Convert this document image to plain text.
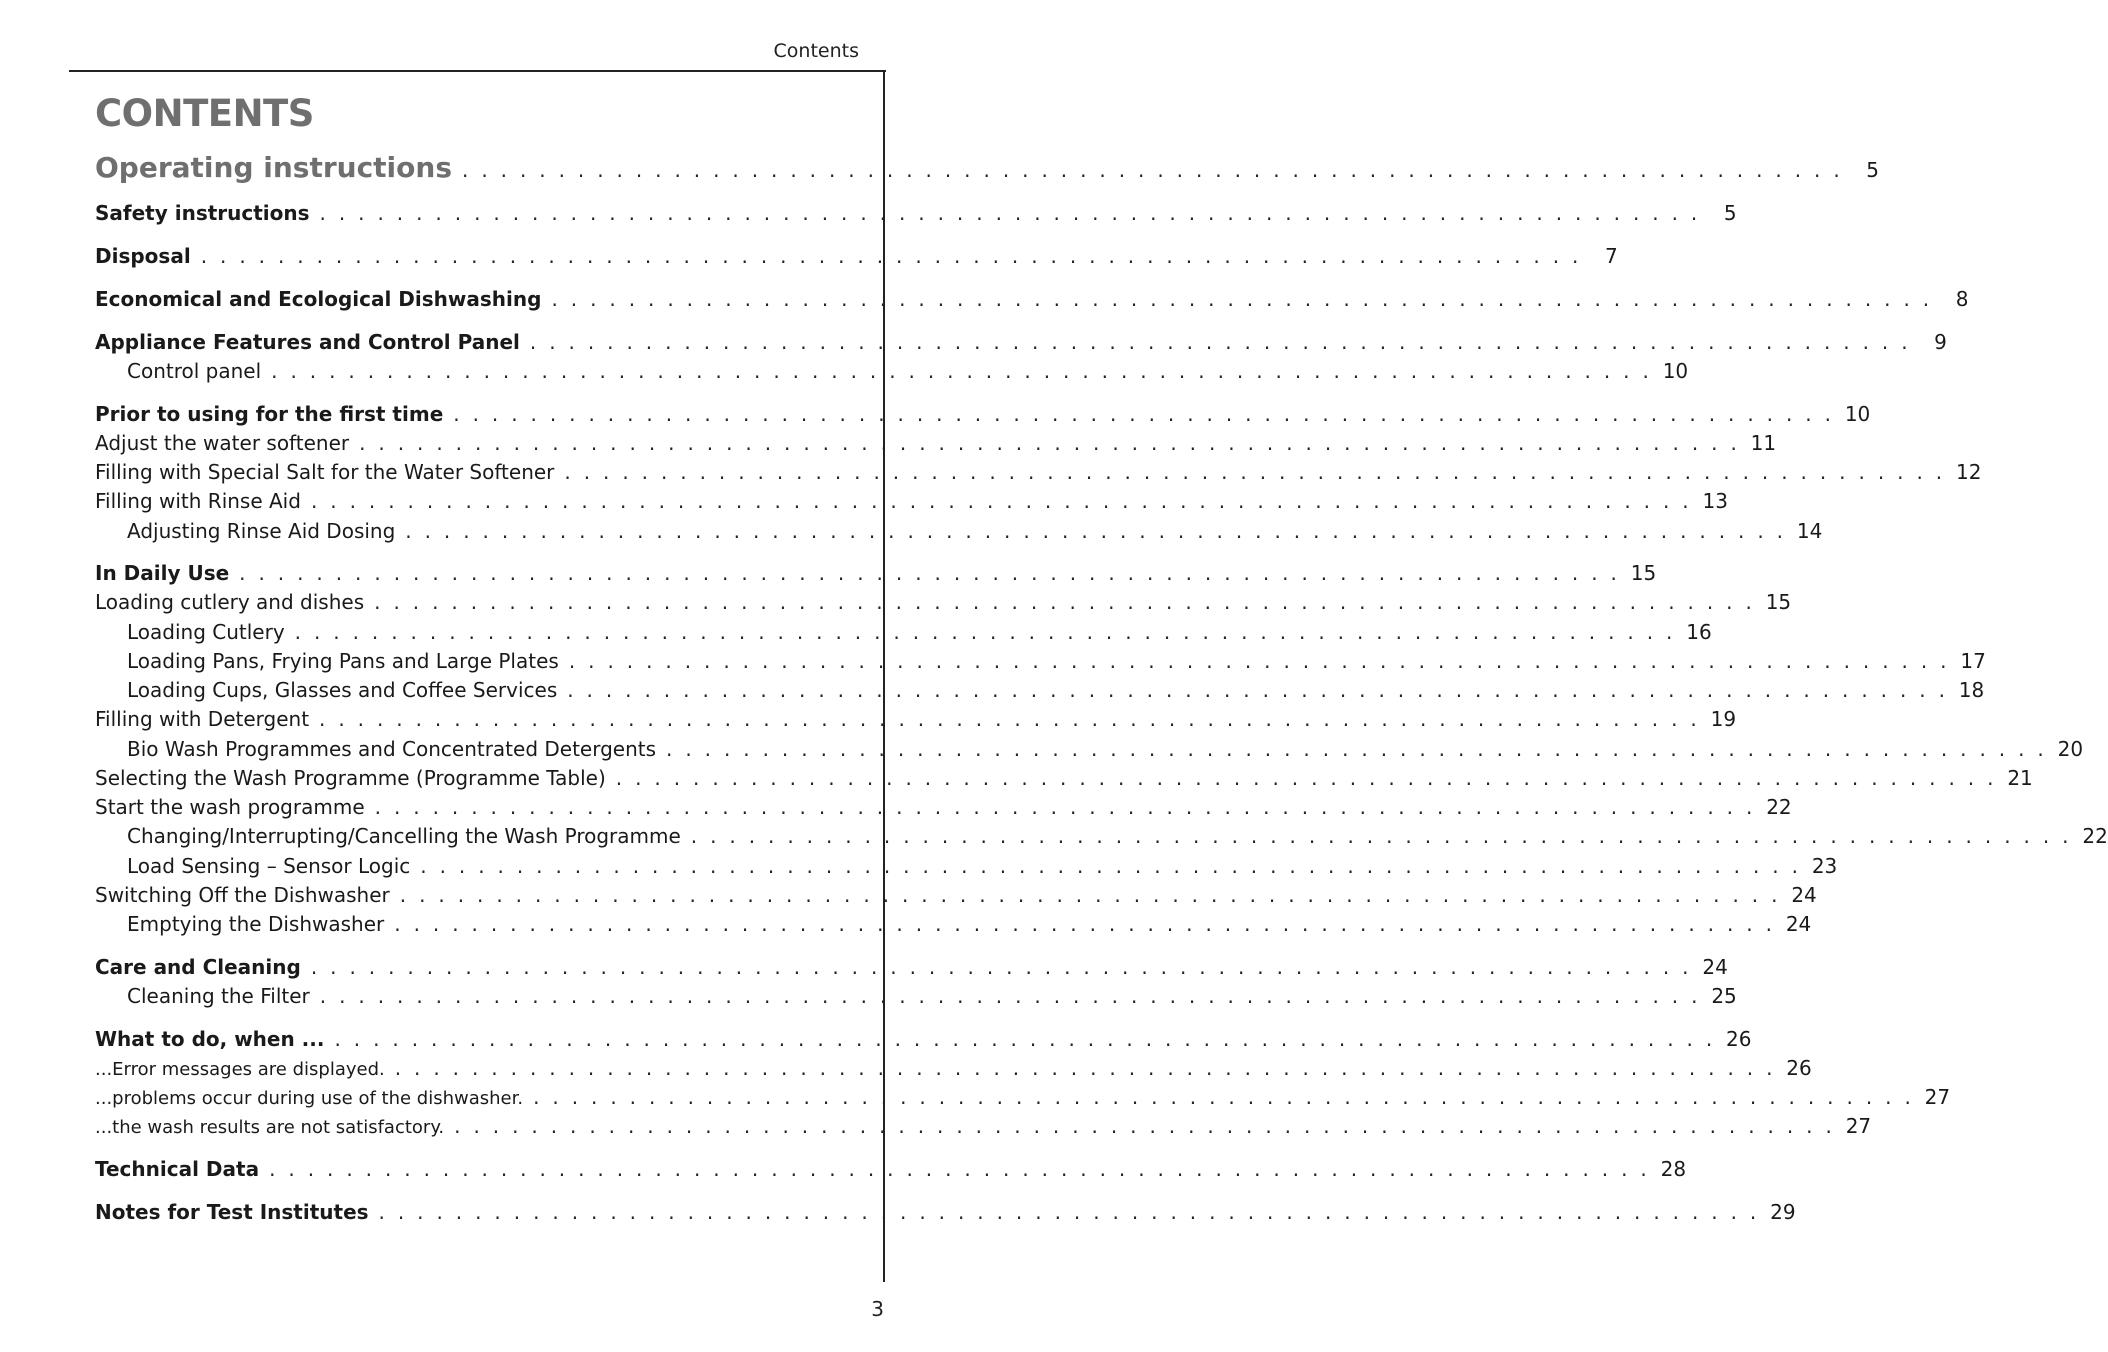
Contents
CONTENTS
Operating instructions . . . . . . . . . . . . . . . . . . . . . . . . . . . . . . . . . . . . . . . . . . . . . . . . . . . . . . . . . . . . . . . . . . . . . . . .	5
Safety instructions . . . . . . . . . . . . . . . . . . . . . . . . . . . . . . . . . . . . . . . . . . . . . . . . . . . . . . . . . . . . . . . . . . . . . . . .	5
Disposal . . . . . . . . . . . . . . . . . . . . . . . . . . . . . . . . . . . . . . . . . . . . . . . . . . . . . . . . . . . . . . . . . . . . . . . .	7
Economical and Ecological Dishwashing . . . . . . . . . . . . . . . . . . . . . . . . . . . . . . . . . . . . . . . . . . . . . . . . . . . . . . . . . . . . . . . . . . . . . . . .	8
Appliance Features and Control Panel . . . . . . . . . . . . . . . . . . . . . . . . . . . . . . . . . . . . . . . . . . . . . . . . . . . . . . . . . . . . . . . . . . . . . . . .	9
Control panel . . . . . . . . . . . . . . . . . . . . . . . . . . . . . . . . . . . . . . . . . . . . . . . . . . . . . . . . . . . . . . . . . . . . . . . . 10
Prior to using for the first time . . . . . . . . . . . . . . . . . . . . . . . . . . . . . . . . . . . . . . . . . . . . . . . . . . . . . . . . . . . . . . . . . . . . . . . . 10
Adjust the water softener . . . . . . . . . . . . . . . . . . . . . . . . . . . . . . . . . . . . . . . . . . . . . . . . . . . . . . . . . . . . . . . . . . . . . . . . 11
Filling with Special Salt for the Water Softener . . . . . . . . . . . . . . . . . . . . . . . . . . . . . . . . . . . . . . . . . . . . . . . . . . . . . . . . . . . . . . . . . . . . . . . . 12
Filling with Rinse Aid . . . . . . . . . . . . . . . . . . . . . . . . . . . . . . . . . . . . . . . . . . . . . . . . . . . . . . . . . . . . . . . . . . . . . . . . 13
Adjusting Rinse Aid Dosing . . . . . . . . . . . . . . . . . . . . . . . . . . . . . . . . . . . . . . . . . . . . . . . . . . . . . . . . . . . . . . . . . . . . . . . . 14
In Daily Use . . . . . . . . . . . . . . . . . . . . . . . . . . . . . . . . . . . . . . . . . . . . . . . . . . . . . . . . . . . . . . . . . . . . . . . . 15
Loading cutlery and dishes . . . . . . . . . . . . . . . . . . . . . . . . . . . . . . . . . . . . . . . . . . . . . . . . . . . . . . . . . . . . . . . . . . . . . . . . 15
Loading Cutlery . . . . . . . . . . . . . . . . . . . . . . . . . . . . . . . . . . . . . . . . . . . . . . . . . . . . . . . . . . . . . . . . . . . . . . . . 16
Loading Pans, Frying Pans and Large Plates . . . . . . . . . . . . . . . . . . . . . . . . . . . . . . . . . . . . . . . . . . . . . . . . . . . . . . . . . . . . . . . . . . . . . . . . 17
Loading Cups, Glasses and Coffee Services . . . . . . . . . . . . . . . . . . . . . . . . . . . . . . . . . . . . . . . . . . . . . . . . . . . . . . . . . . . . . . . . . . . . . . . . 18
Filling with Detergent . . . . . . . . . . . . . . . . . . . . . . . . . . . . . . . . . . . . . . . . . . . . . . . . . . . . . . . . . . . . . . . . . . . . . . . . 19
Bio Wash Programmes and Concentrated Detergents . . . . . . . . . . . . . . . . . . . . . . . . . . . . . . . . . . . . . . . . . . . . . . . . . . . . . . . . . . . . . . . . . . . . . . . . 20
Selecting the Wash Programme (Programme Table) . . . . . . . . . . . . . . . . . . . . . . . . . . . . . . . . . . . . . . . . . . . . . . . . . . . . . . . . . . . . . . . . . . . . . . . . 21
Start the wash programme . . . . . . . . . . . . . . . . . . . . . . . . . . . . . . . . . . . . . . . . . . . . . . . . . . . . . . . . . . . . . . . . . . . . . . . . 22
Changing/Interrupting/Cancelling the Wash Programme . . . . . . . . . . . . . . . . . . . . . . . . . . . . . . . . . . . . . . . . . . . . . . . . . . . . . . . . . . . . . . . . . . . . . . . . 22
Load Sensing – Sensor Logic . . . . . . . . . . . . . . . . . . . . . . . . . . . . . . . . . . . . . . . . . . . . . . . . . . . . . . . . . . . . . . . . . . . . . . . . 23
Switching Off the Dishwasher . . . . . . . . . . . . . . . . . . . . . . . . . . . . . . . . . . . . . . . . . . . . . . . . . . . . . . . . . . . . . . . . . . . . . . . . 24
Emptying the Dishwasher . . . . . . . . . . . . . . . . . . . . . . . . . . . . . . . . . . . . . . . . . . . . . . . . . . . . . . . . . . . . . . . . . . . . . . . . 24
Care and Cleaning . . . . . . . . . . . . . . . . . . . . . . . . . . . . . . . . . . . . . . . . . . . . . . . . . . . . . . . . . . . . . . . . . . . . . . . . 24
Cleaning the Filter . . . . . . . . . . . . . . . . . . . . . . . . . . . . . . . . . . . . . . . . . . . . . . . . . . . . . . . . . . . . . . . . . . . . . . . . 25
What to do, when ... . . . . . . . . . . . . . . . . . . . . . . . . . . . . . . . . . . . . . . . . . . . . . . . . . . . . . . . . . . . . . . . . . . . . . . . . 26
...Error messages are displayed. . . . . . . . . . . . . . . . . . . . . . . . . . . . . . . . . . . . . . . . . . . . . . . . . . . . . . . . . . . . . . . . . . . . . . . . . 26
...problems occur during use of the dishwasher. . . . . . . . . . . . . . . . . . . . . . . . . . . . . . . . . . . . . . . . . . . . . . . . . . . . . . . . . . . . . . . . . . . . . . . . . 27
...the wash results are not satisfactory. . . . . . . . . . . . . . . . . . . . . . . . . . . . . . . . . . . . . . . . . . . . . . . . . . . . . . . . . . . . . . . . . . . . . . . . . 27
Technical Data . . . . . . . . . . . . . . . . . . . . . . . . . . . . . . . . . . . . . . . . . . . . . . . . . . . . . . . . . . . . . . . . . . . . . . . . 28
Notes for Test Institutes . . . . . . . . . . . . . . . . . . . . . . . . . . . . . . . . . . . . . . . . . . . . . . . . . . . . . . . . . . . . . . . . . . . . . . . . 29
3
